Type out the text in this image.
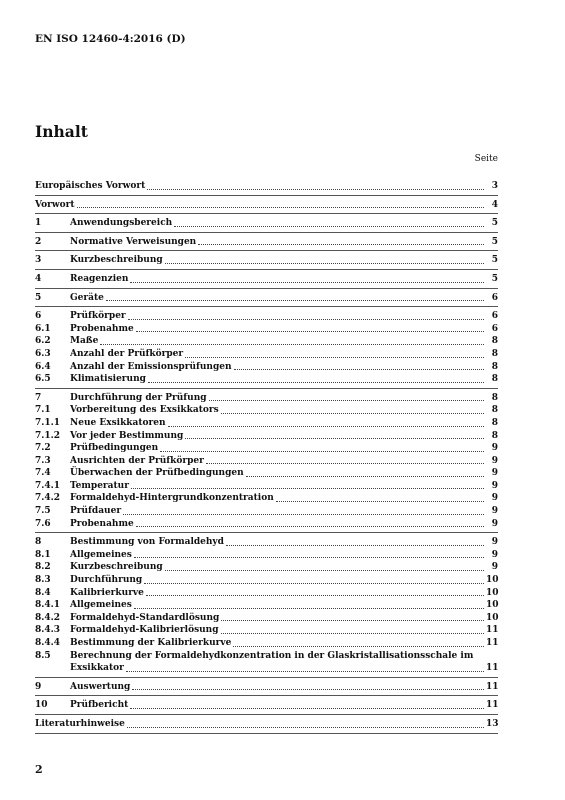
EN ISO 12460-4:2016 (D)
Inhalt
Seite
Europäisches Vorwort	3
Vorwort	4
1	Anwendungsbereich	5
2	Normative Verweisungen	5
3	Kurzbeschreibung	5
4	Reagenzien	5
5	Geräte	6
6	Prüfkörper	6
6.1	Probenahme	6
6.2	Maße	8
6.3	Anzahl der Prüfkörper	8
6.4	Anzahl der Emissionsprüfungen	8
6.5	Klimatisierung	8
7	Durchführung der Prüfung	8
7.1	Vorbereitung des Exsikkators	8
7.1.1	Neue Exsikkatoren	8
7.1.2	Vor jeder Bestimmung	8
7.2	Prüfbedingungen	9
7.3	Ausrichten der Prüfkörper	9
7.4	Überwachen der Prüfbedingungen	9
7.4.1	Temperatur	9
7.4.2	Formaldehyd-Hintergrundkonzentration	9
7.5	Prüfdauer	9
7.6	Probenahme	9
8	Bestimmung von Formaldehyd	9
8.1	Allgemeines	9
8.2	Kurzbeschreibung	9
8.3	Durchführung	10
8.4	Kalibrierkurve	10
8.4.1	Allgemeines	10
8.4.2	Formaldehyd-Standardlösung	10
8.4.3	Formaldehyd-Kalibrierlösung	11
8.4.4	Bestimmung der Kalibrierkurve	11
8.5	Berechnung der Formaldehydkonzentration in der Glaskristallisationsschale im
Exsikkator	11
9	Auswertung	11
10	Prüfbericht	11
Literaturhinweise	13
2
